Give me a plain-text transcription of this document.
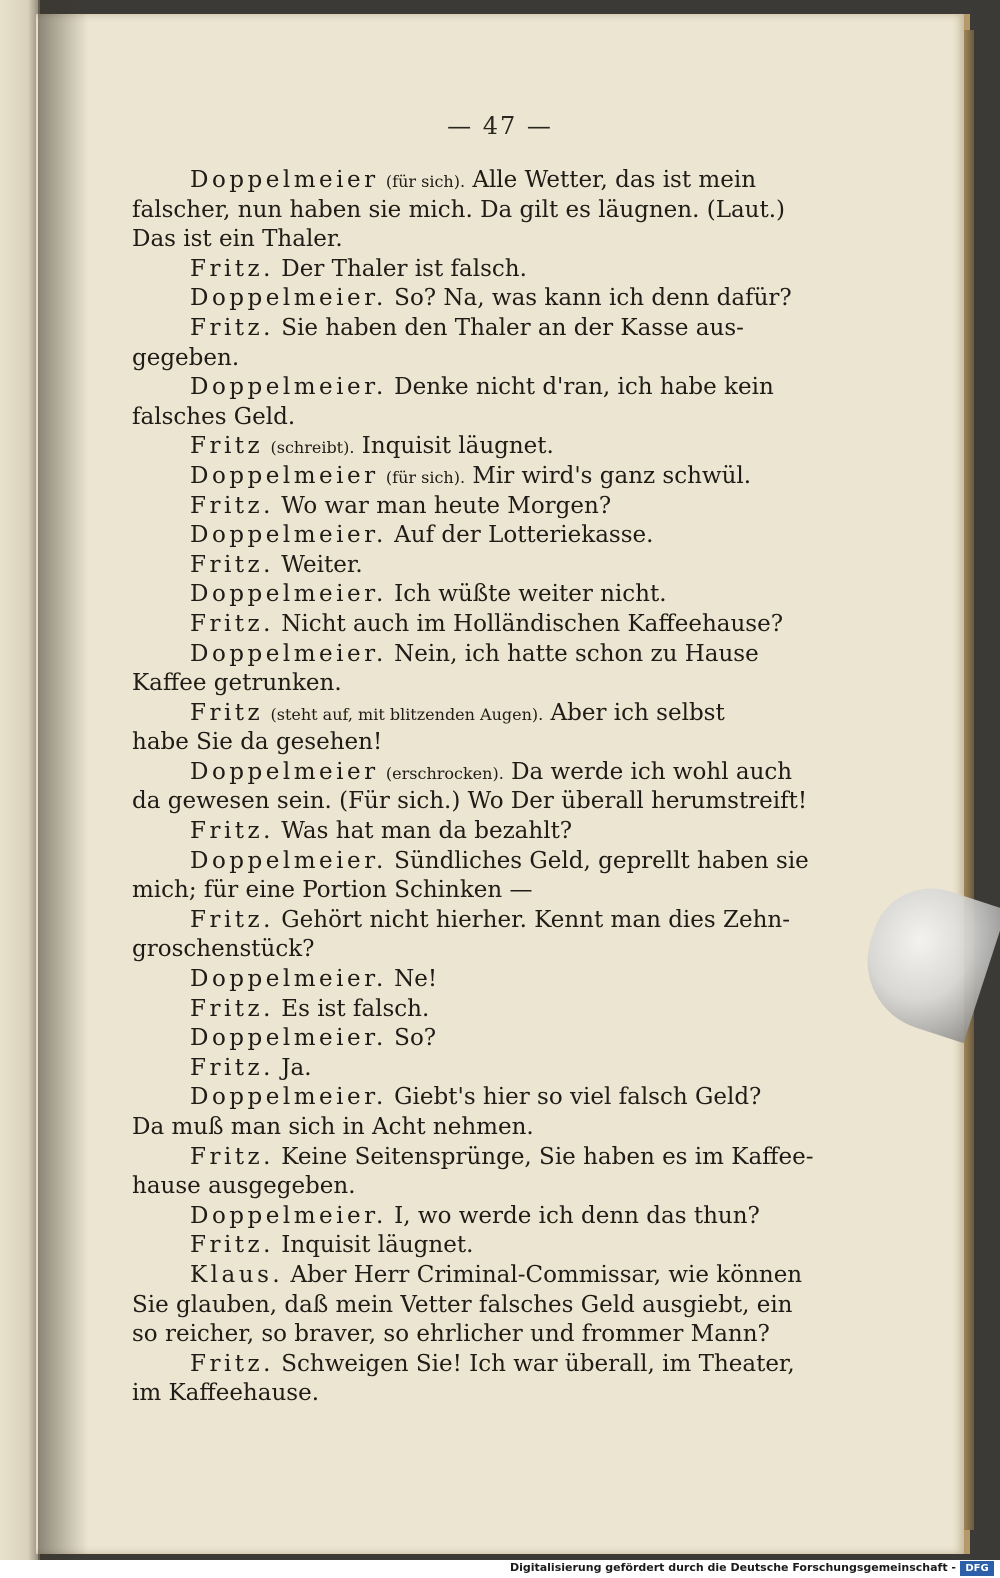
— 47 —
Doppelmeier (für sich). Alle Wetter, das ist mein
falscher, nun haben sie mich. Da gilt es läugnen. (Laut.)
Das ist ein Thaler.
Fritz. Der Thaler ist falsch.
Doppelmeier. So? Na, was kann ich denn dafür?
Fritz. Sie haben den Thaler an der Kasse aus-
gegeben.
Doppelmeier. Denke nicht d'ran, ich habe kein
falsches Geld.
Fritz (schreibt). Inquisit läugnet.
Doppelmeier (für sich). Mir wird's ganz schwül.
Fritz. Wo war man heute Morgen?
Doppelmeier. Auf der Lotteriekasse.
Fritz. Weiter.
Doppelmeier. Ich wüßte weiter nicht.
Fritz. Nicht auch im Holländischen Kaffeehause?
Doppelmeier. Nein, ich hatte schon zu Hause
Kaffee getrunken.
Fritz (steht auf, mit blitzenden Augen). Aber ich selbst
habe Sie da gesehen!
Doppelmeier (erschrocken). Da werde ich wohl auch
da gewesen sein. (Für sich.) Wo Der überall herumstreift!
Fritz. Was hat man da bezahlt?
Doppelmeier. Sündliches Geld, geprellt haben sie
mich; für eine Portion Schinken —
Fritz. Gehört nicht hierher. Kennt man dies Zehn-
groschenstück?
Doppelmeier. Ne!
Fritz. Es ist falsch.
Doppelmeier. So?
Fritz. Ja.
Doppelmeier. Giebt's hier so viel falsch Geld?
Da muß man sich in Acht nehmen.
Fritz. Keine Seitensprünge, Sie haben es im Kaffee-
hause ausgegeben.
Doppelmeier. I, wo werde ich denn das thun?
Fritz. Inquisit läugnet.
Klaus. Aber Herr Criminal-Commissar, wie können
Sie glauben, daß mein Vetter falsches Geld ausgiebt, ein
so reicher, so braver, so ehrlicher und frommer Mann?
Fritz. Schweigen Sie! Ich war überall, im Theater,
im Kaffeehause.
Digitalisierung gefördert durch die Deutsche Forschungsgemeinschaft - DFG
